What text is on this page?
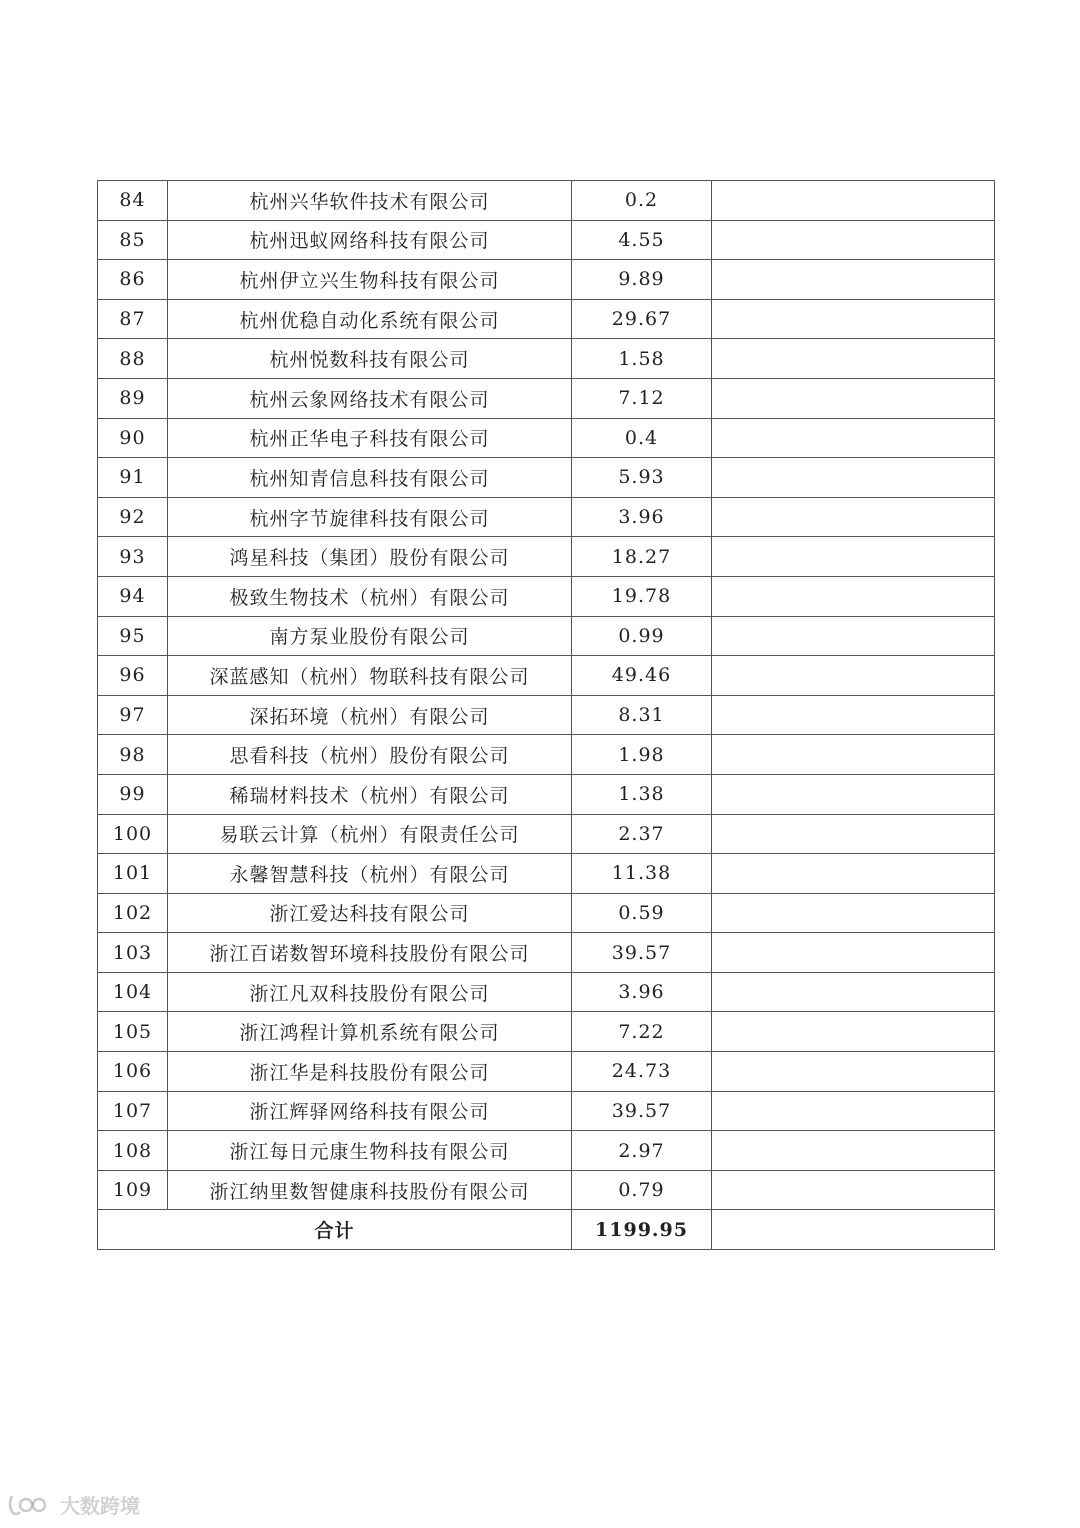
84	杭州兴华软件技术有限公司	0.2	
85	杭州迅蚁网络科技有限公司	4.55	
86	杭州伊立兴生物科技有限公司	9.89	
87	杭州优稳自动化系统有限公司	29.67	
88	杭州悦数科技有限公司	1.58	
89	杭州云象网络技术有限公司	7.12	
90	杭州正华电子科技有限公司	0.4	
91	杭州知青信息科技有限公司	5.93	
92	杭州字节旋律科技有限公司	3.96	
93	鸿星科技（集团）股份有限公司	18.27	
94	极致生物技术（杭州）有限公司	19.78	
95	南方泵业股份有限公司	0.99	
96	深蓝感知（杭州）物联科技有限公司	49.46	
97	深拓环境（杭州）有限公司	8.31	
98	思看科技（杭州）股份有限公司	1.98	
99	稀瑞材料技术（杭州）有限公司	1.38	
100	易联云计算（杭州）有限责任公司	2.37	
101	永馨智慧科技（杭州）有限公司	11.38	
102	浙江爱达科技有限公司	0.59	
103	浙江百诺数智环境科技股份有限公司	39.57	
104	浙江凡双科技股份有限公司	3.96	
105	浙江鸿程计算机系统有限公司	7.22	
106	浙江华是科技股份有限公司	24.73	
107	浙江辉驿网络科技有限公司	39.57	
108	浙江每日元康生物科技有限公司	2.97	
109	浙江纳里数智健康科技股份有限公司	0.79	
合计		1199.95	
大数跨境
